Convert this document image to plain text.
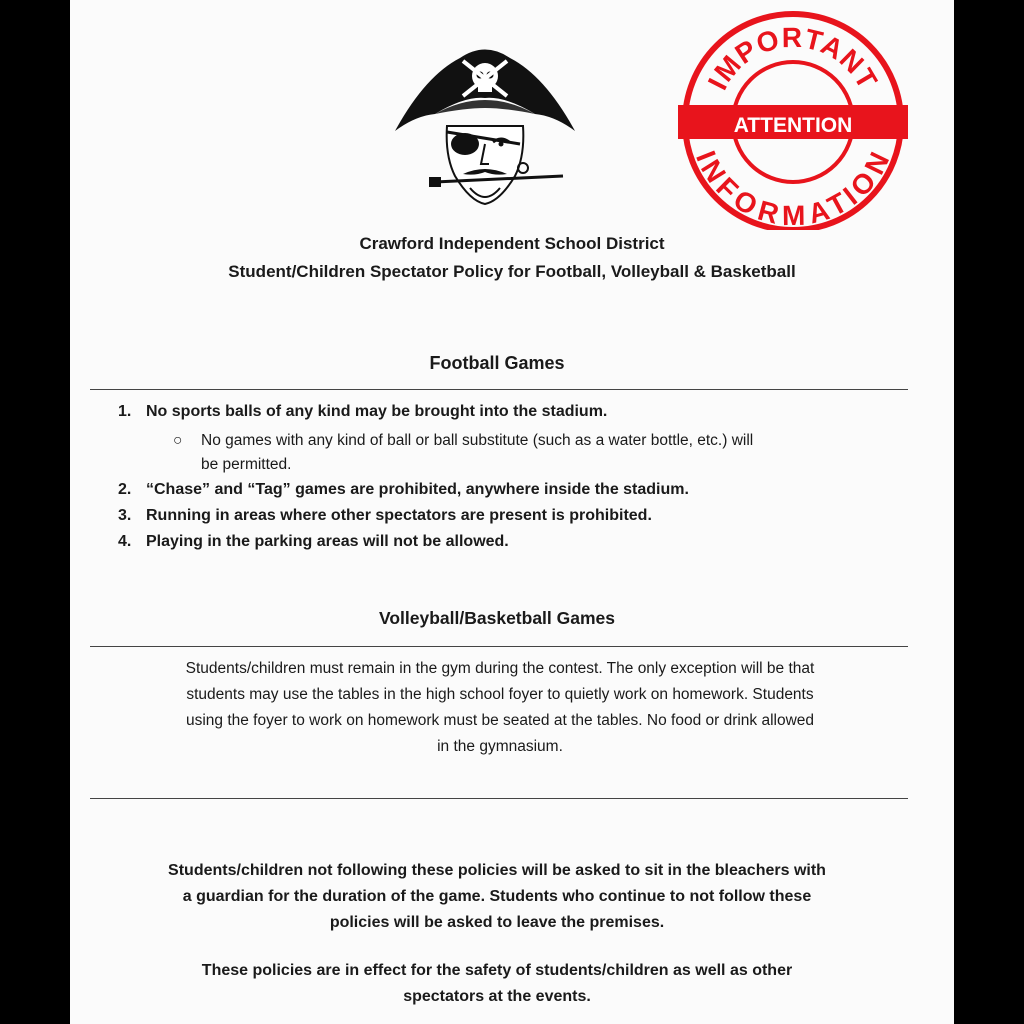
IMPORTANT
ATTENTION
INFORMATION
Crawford Independent School District
Student/Children Spectator Policy for Football, Volleyball & Basketball
Football Games
1. No sports balls of any kind may be brought into the stadium.
○	No games with any kind of ball or ball substitute (such as a water bottle, etc.) will
be permitted.
2. “Chase” and “Tag” games are prohibited, anywhere inside the stadium.
3. Running in areas where other spectators are present is prohibited.
4. Playing in the parking areas will not be allowed.
Volleyball/Basketball Games
Students/children must remain in the gym during the contest. The only exception will be that
students may use the tables in the high school foyer to quietly work on homework. Students
using the foyer to work on homework must be seated at the tables. No food or drink allowed
in the gymnasium.
Students/children not following these policies will be asked to sit in the bleachers with
a guardian for the duration of the game. Students who continue to not follow these
policies will be asked to leave the premises.
These policies are in effect for the safety of students/children as well as other
spectators at the events.
